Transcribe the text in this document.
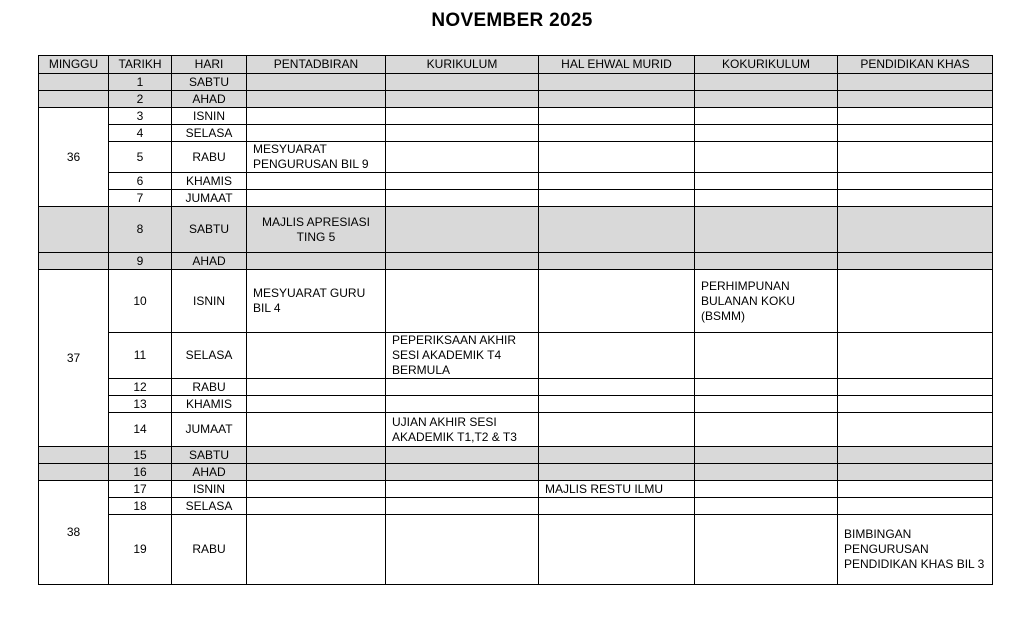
NOVEMBER 2025
MINGGU	TARIKH	HARI	PENTADBIRAN	KURIKULUM	HAL EHWAL MURID	KOKURIKULUM	PENDIDIKAN KHAS
	1	SABTU					
	2	AHAD					
36	3	ISNIN					
	4	SELASA					
	5	RABU	MESYUARAT PENGURUSAN BIL 9				
	6	KHAMIS					
	7	JUMAAT					
	8	SABTU	MAJLIS APRESIASI TING 5				
	9	AHAD					
37	10	ISNIN	MESYUARAT GURU BIL 4			PERHIMPUNAN BULANAN KOKU (BSMM)	
	11	SELASA		PEPERIKSAAN AKHIR SESI AKADEMIK T4 BERMULA			
	12	RABU					
	13	KHAMIS					
	14	JUMAAT		UJIAN AKHIR SESI AKADEMIK T1,T2 & T3			
	15	SABTU					
	16	AHAD					
38	17	ISNIN			MAJLIS RESTU ILMU		
	18	SELASA					
	19	RABU					BIMBINGAN PENGURUSAN PENDIDIKAN KHAS BIL 3
